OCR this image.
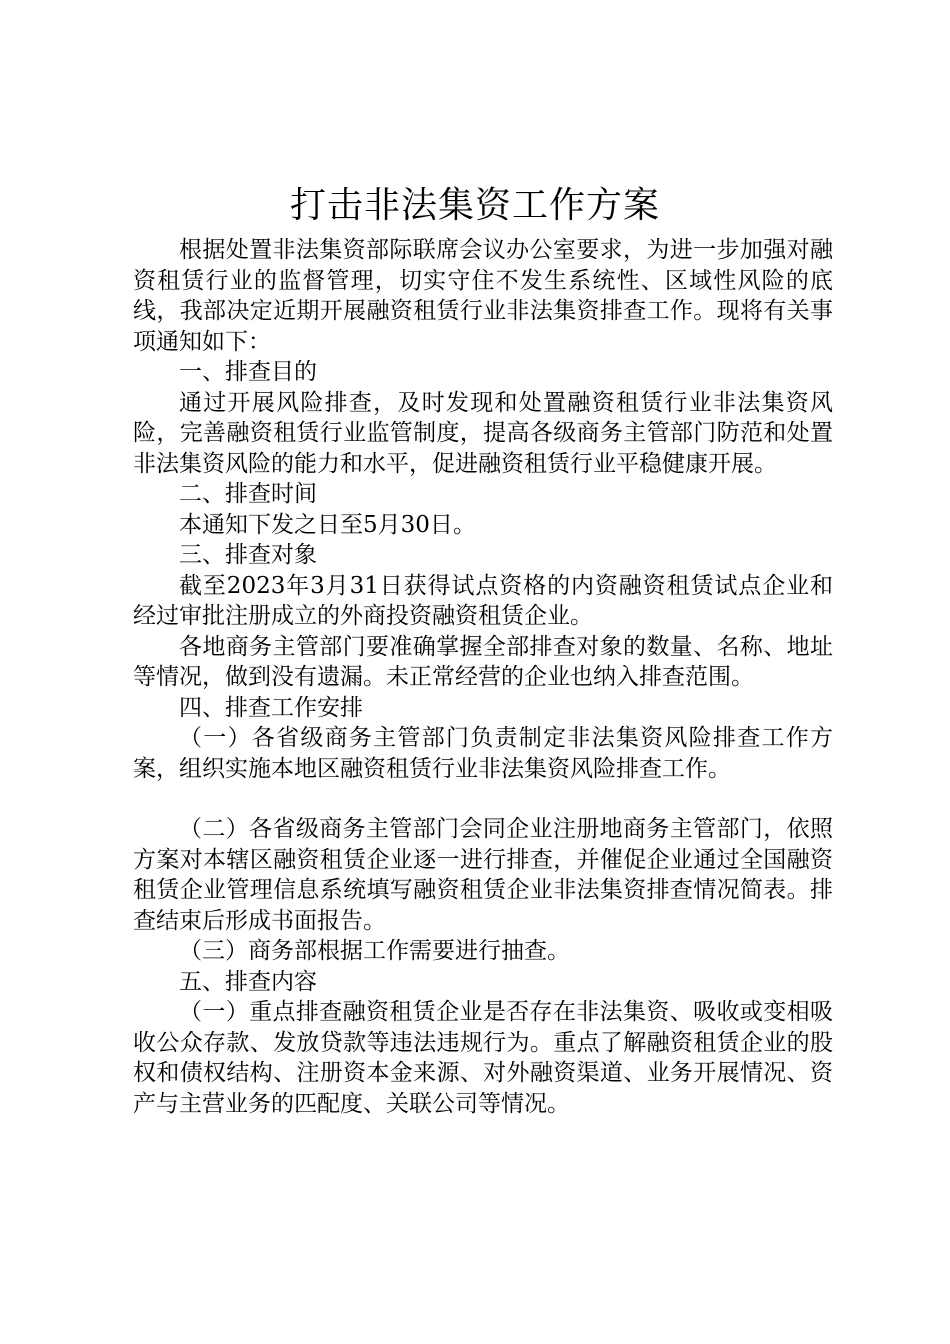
打击非法集资工作方案

根据处置非法集资部际联席会议办公室要求，为进一步加强对融资租赁行业的监督管理，切实守住不发生系统性、区域性风险的底线，我部决定近期开展融资租赁行业非法集资排查工作。现将有关事项通知如下：

一、排查目的

通过开展风险排查，及时发现和处置融资租赁行业非法集资风险，完善融资租赁行业监管制度，提高各级商务主管部门防范和处置非法集资风险的能力和水平，促进融资租赁行业平稳健康开展。

二、排查时间

本通知下发之日至5月30日。

三、排查对象

截至2023年3月31日获得试点资格的内资融资租赁试点企业和经过审批注册成立的外商投资融资租赁企业。

各地商务主管部门要准确掌握全部排查对象的数量、名称、地址等情况，做到没有遗漏。未正常经营的企业也纳入排查范围。

四、排查工作安排

（一）各省级商务主管部门负责制定非法集资风险排查工作方案，组织实施本地区融资租赁行业非法集资风险排查工作。

（二）各省级商务主管部门会同企业注册地商务主管部门，依照方案对本辖区融资租赁企业逐一进行排查，并催促企业通过全国融资租赁企业管理信息系统填写融资租赁企业非法集资排查情况简表。排查结束后形成书面报告。

（三）商务部根据工作需要进行抽查。

五、排查内容

（一）重点排查融资租赁企业是否存在非法集资、吸收或变相吸收公众存款、发放贷款等违法违规行为。重点了解融资租赁企业的股权和债权结构、注册资本金来源、对外融资渠道、业务开展情况、资产与主营业务的匹配度、关联公司等情况。
